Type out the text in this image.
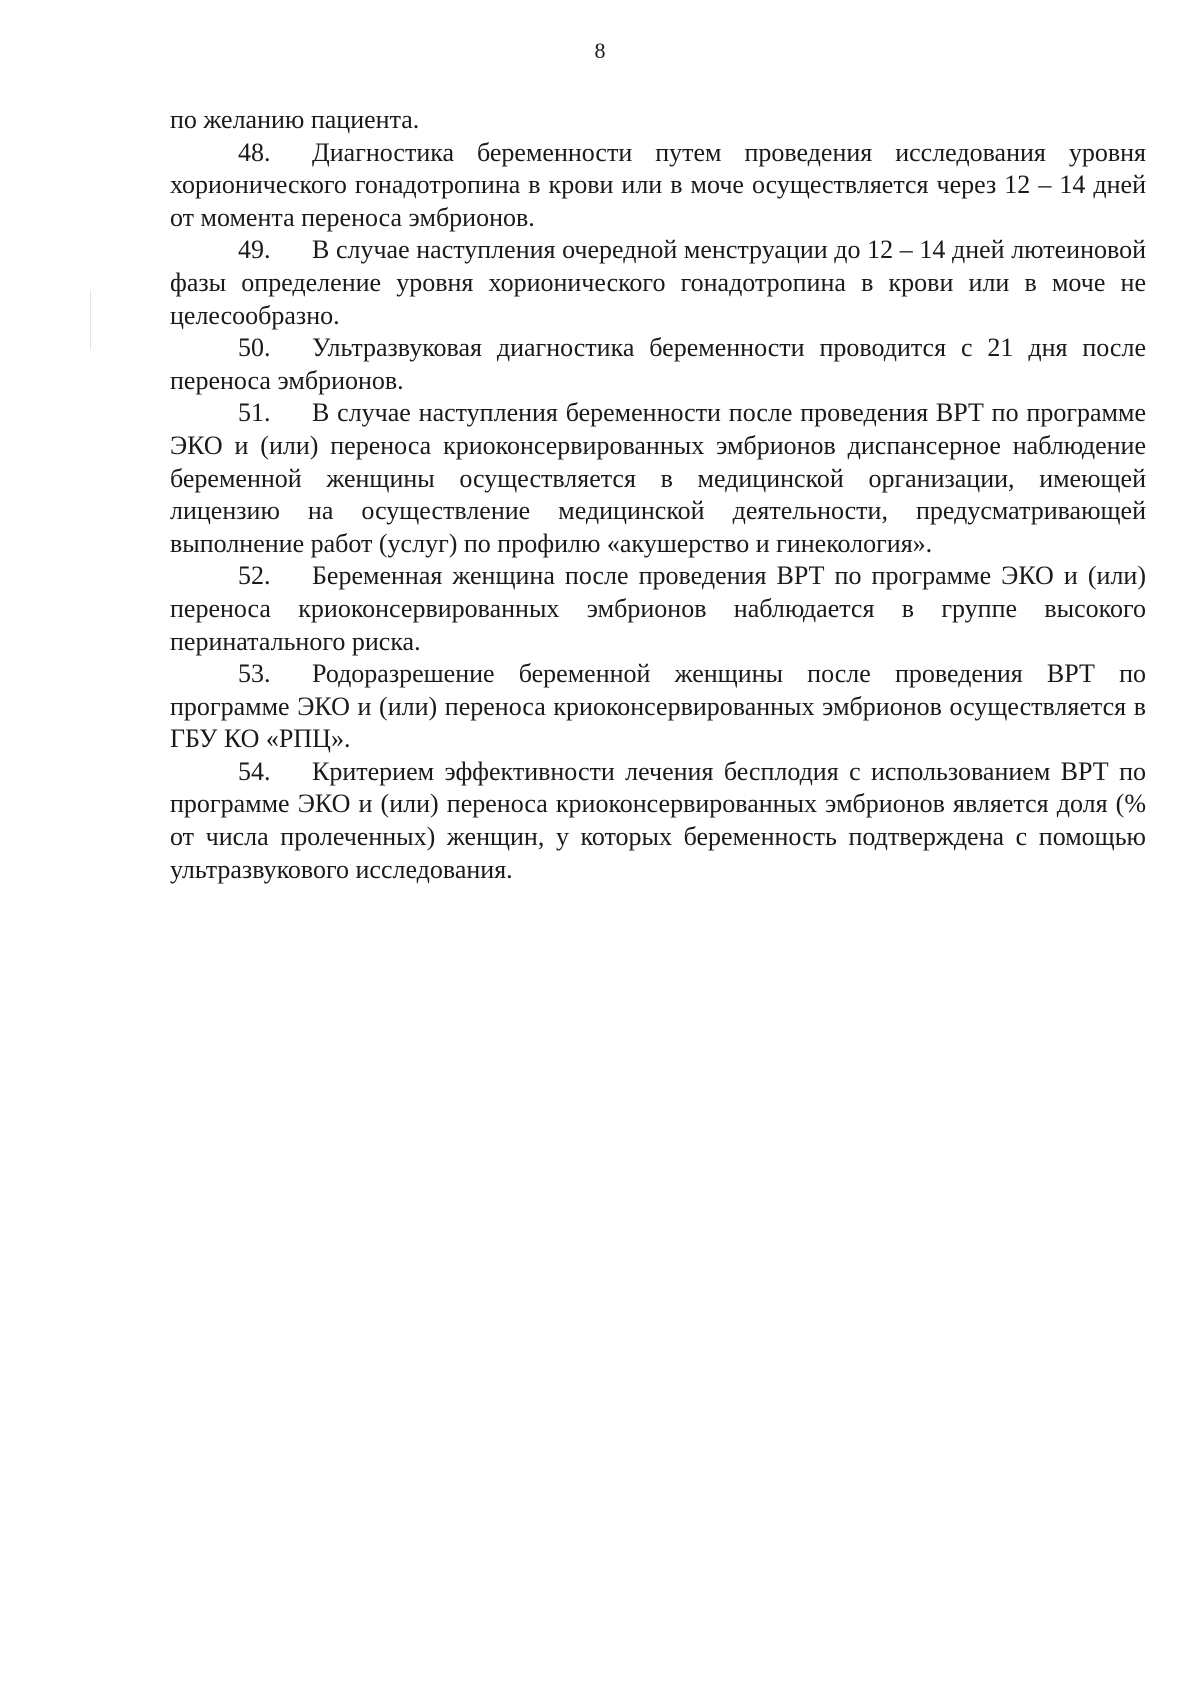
8

по желанию пациента.

48. Диагностика беременности путем проведения исследования уровня хорионического гонадотропина в крови или в моче осуществляется через 12 – 14 дней от момента переноса эмбрионов.

49. В случае наступления очередной менструации до 12 – 14 дней лютеиновой фазы определение уровня хорионического гонадотропина в крови или в моче не целесообразно.

50. Ультразвуковая диагностика беременности проводится с 21 дня после переноса эмбрионов.

51. В случае наступления беременности после проведения ВРТ по программе ЭКО и (или) переноса криоконсервированных эмбрионов диспансерное наблюдение беременной женщины осуществляется в медицинской организации, имеющей лицензию на осуществление медицинской деятельности, предусматривающей выполнение работ (услуг) по профилю «акушерство и гинекология».

52. Беременная женщина после проведения ВРТ по программе ЭКО и (или) переноса криоконсервированных эмбрионов наблюдается в группе высокого перинатального риска.

53. Родоразрешение беременной женщины после проведения ВРТ по программе ЭКО и (или) переноса криоконсервированных эмбрионов осуществляется в ГБУ КО «РПЦ».

54. Критерием эффективности лечения бесплодия с использованием ВРТ по программе ЭКО и (или) переноса криоконсервированных эмбрионов является доля (% от числа пролеченных) женщин, у которых беременность подтверждена с помощью ультразвукового исследования.
